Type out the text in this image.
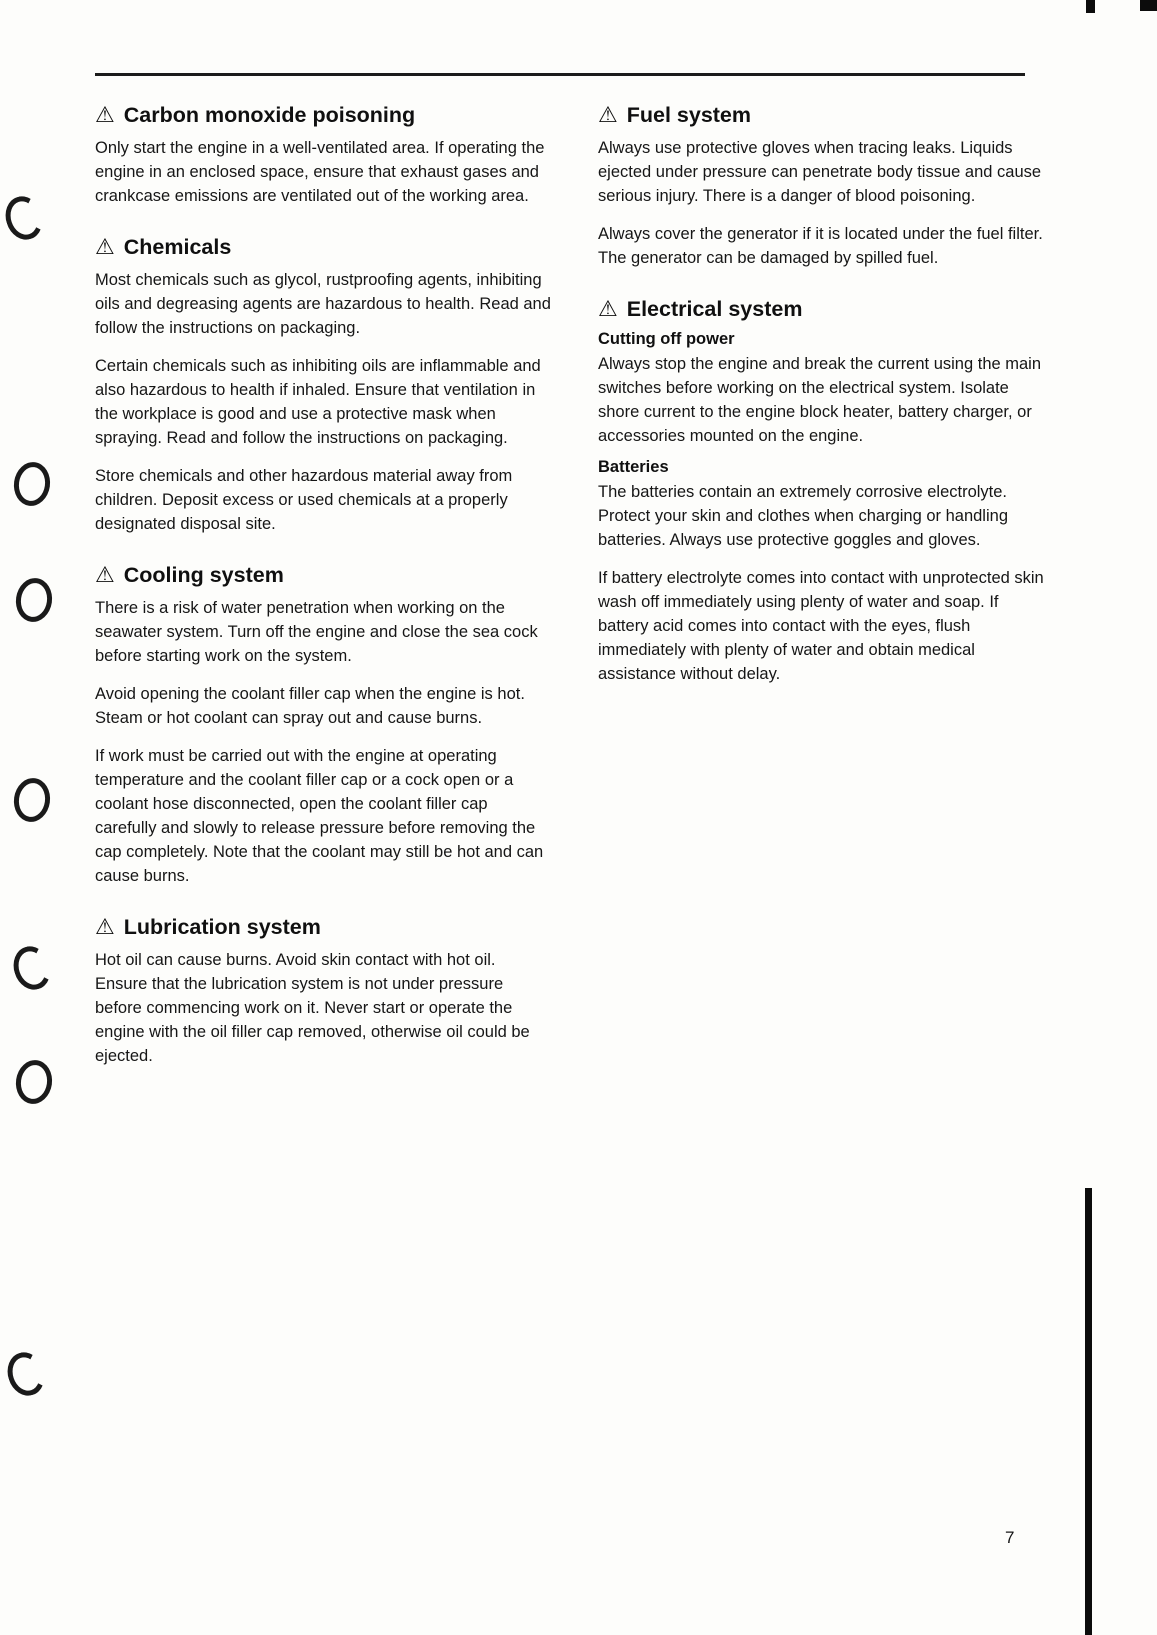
⚠ Carbon monoxide poisoning

Only start the engine in a well-ventilated area. If operating the engine in an enclosed space, ensure that exhaust gases and crankcase emissions are ventilated out of the working area.

⚠ Chemicals

Most chemicals such as glycol, rustproofing agents, inhibiting oils and degreasing agents are hazardous to health. Read and follow the instructions on packaging.

Certain chemicals such as inhibiting oils are inflammable and also hazardous to health if inhaled. Ensure that ventilation in the workplace is good and use a protective mask when spraying. Read and follow the instructions on packaging.

Store chemicals and other hazardous material away from children. Deposit excess or used chemicals at a properly designated disposal site.

⚠ Cooling system

There is a risk of water penetration when working on the seawater system. Turn off the engine and close the sea cock before starting work on the system.

Avoid opening the coolant filler cap when the engine is hot. Steam or hot coolant can spray out and cause burns.

If work must be carried out with the engine at operating temperature and the coolant filler cap or a cock open or a coolant hose disconnected, open the coolant filler cap carefully and slowly to release pressure before removing the cap completely. Note that the coolant may still be hot and can cause burns.

⚠ Lubrication system

Hot oil can cause burns. Avoid skin contact with hot oil. Ensure that the lubrication system is not under pressure before commencing work on it. Never start or operate the engine with the oil filler cap removed, otherwise oil could be ejected.

⚠ Fuel system

Always use protective gloves when tracing leaks. Liquids ejected under pressure can penetrate body tissue and cause serious injury. There is a danger of blood poisoning.

Always cover the generator if it is located under the fuel filter. The generator can be damaged by spilled fuel.

⚠ Electrical system
Cutting off power

Always stop the engine and break the current using the main switches before working on the electrical system. Isolate shore current to the engine block heater, battery charger, or accessories mounted on the engine.

Batteries

The batteries contain an extremely corrosive electrolyte. Protect your skin and clothes when charging or handling batteries. Always use protective goggles and gloves.

If battery electrolyte comes into contact with unprotected skin wash off immediately using plenty of water and soap. If battery acid comes into contact with the eyes, flush immediately with plenty of water and obtain medical assistance without delay.

7
